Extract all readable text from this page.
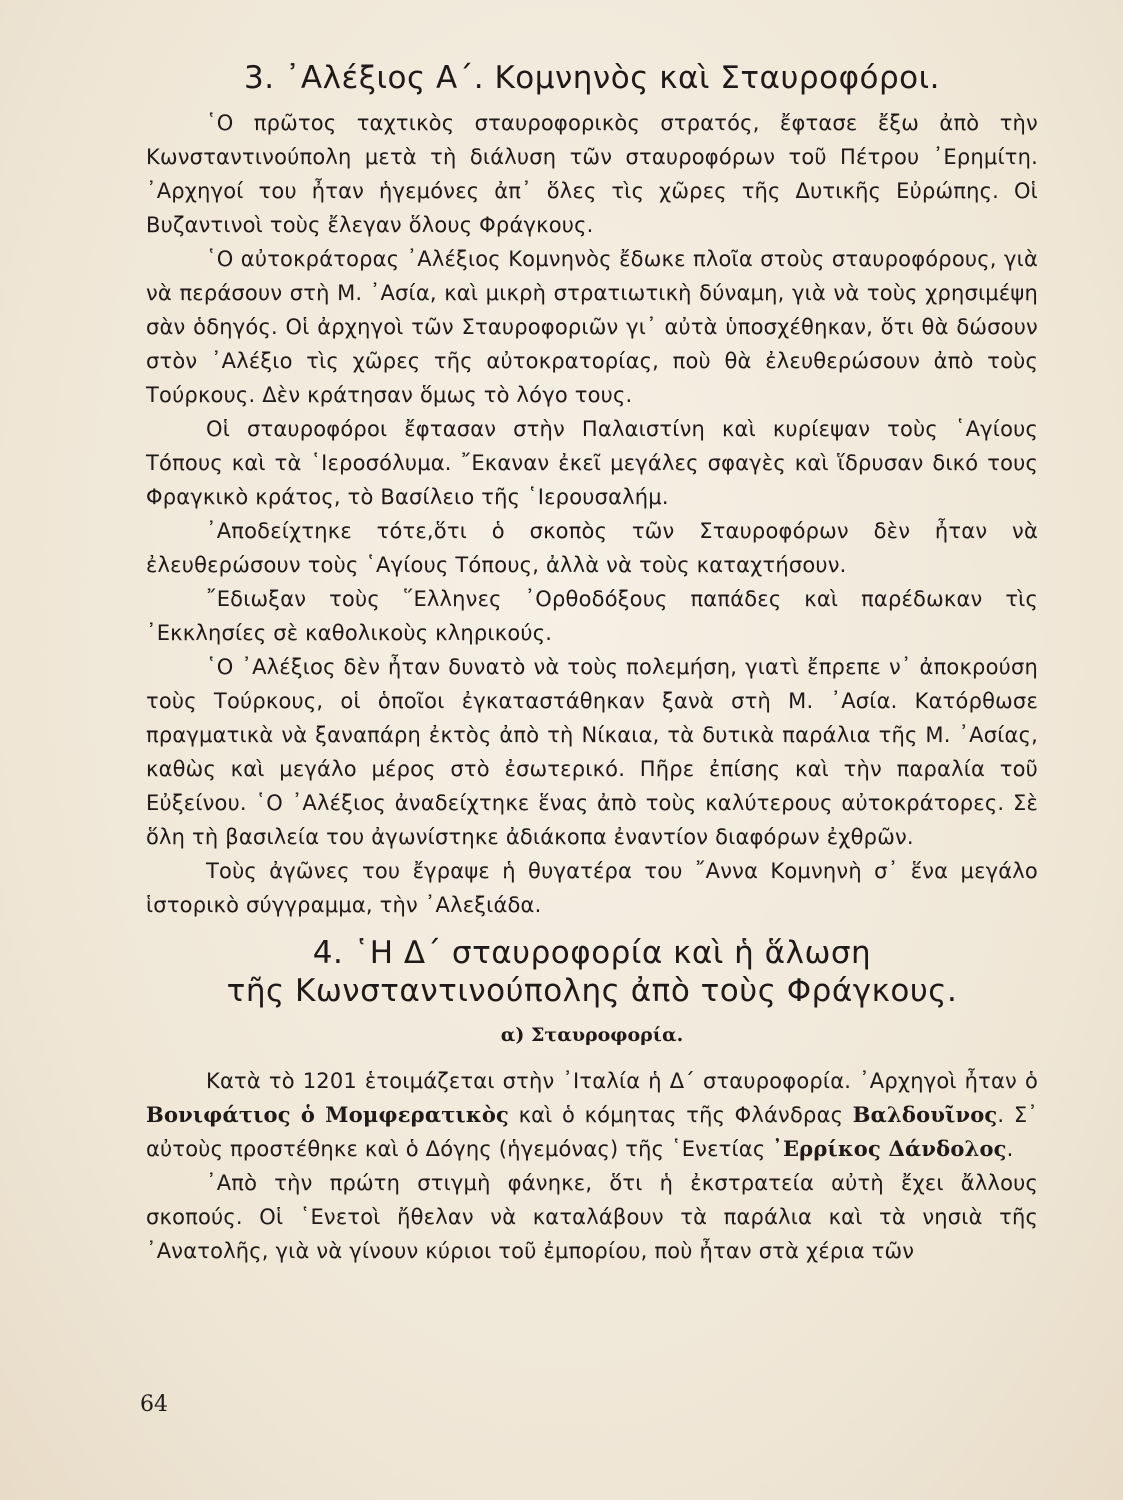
3. ᾽Αλέξιος Α΄. Κομνηνὸς καὶ Σταυροφόροι.

῾Ο πρῶτος ταχτικὸς σταυροφορικὸς στρατός, ἔφτασε ἔξω ἀπὸ τὴν Κωνσταντινούπολη μετὰ τὴ διάλυση τῶν σταυροφόρων τοῦ Πέτρου ᾽Ερημίτη. ᾽Αρχηγοί του ἦταν ἡγεμόνες ἀπ᾽ ὅλες τὶς χῶρες τῆς Δυτικῆς Εὐρώπης. Οἱ Βυζαντινοὶ τοὺς ἔλεγαν ὅλους Φράγκους.

῾Ο αὐτοκράτορας ᾽Αλέξιος Κομνηνὸς ἔδωκε πλοῖα στοὺς σταυροφόρους, γιὰ νὰ περάσουν στὴ Μ. ᾽Ασία, καὶ μικρὴ στρατιωτικὴ δύναμη, γιὰ νὰ τοὺς χρησιμέψη σὰν ὁδηγός. Οἱ ἀρχηγοὶ τῶν Σταυροφοριῶν γι᾽ αὐτὰ ὑποσχέθηκαν, ὅτι θὰ δώσουν στὸν ᾽Αλέξιο τὶς χῶρες τῆς αὐτοκρατορίας, ποὺ θὰ ἐλευθερώσουν ἀπὸ τοὺς Τούρκους. Δὲν κράτησαν ὅμως τὸ λόγο τους.

Οἱ σταυροφόροι ἔφτασαν στὴν Παλαιστίνη καὶ κυρίεψαν τοὺς ῾Αγίους Τόπους καὶ τὰ ῾Ιεροσόλυμα. ῎Εκαναν ἐκεῖ μεγάλες σφαγὲς καὶ ἵδρυσαν δικό τους Φραγκικὸ κράτος, τὸ Βασίλειο τῆς ῾Ιερουσαλήμ.

᾽Αποδείχτηκε τότε,ὅτι ὁ σκοπὸς τῶν Σταυροφόρων δὲν ἦταν νὰ ἐλευθερώσουν τοὺς ῾Αγίους Τόπους, ἀλλὰ νὰ τοὺς καταχτήσουν.

῎Εδιωξαν τοὺς ῞Ελληνες ᾽Ορθοδόξους παπάδες καὶ παρέδωκαν τὶς ᾽Εκκλησίες σὲ καθολικοὺς κληρικούς.

῾Ο ᾽Αλέξιος δὲν ἦταν δυνατὸ νὰ τοὺς πολεμήση, γιατὶ ἔπρεπε ν᾽ ἀποκρούση τοὺς Τούρκους, οἱ ὁποῖοι ἐγκαταστάθηκαν ξανὰ στὴ Μ. ᾽Ασία. Κατόρθωσε πραγματικὰ νὰ ξαναπάρη ἐκτὸς ἀπὸ τὴ Νίκαια, τὰ δυτικὰ παράλια τῆς Μ. ᾽Ασίας, καθὼς καὶ μεγάλο μέρος στὸ ἐσωτερικό. Πῆρε ἐπίσης καὶ τὴν παραλία τοῦ Εὐξείνου. ῾Ο ᾽Αλέξιος ἀναδείχτηκε ἕνας ἀπὸ τοὺς καλύτερους αὐτοκράτορες. Σὲ ὅλη τὴ βασιλεία του ἀγωνίστηκε ἀδιάκοπα ἐναντίον διαφόρων ἐχθρῶν.

Τοὺς ἀγῶνες του ἔγραψε ἡ θυγατέρα του ῎Αννα Κομνηνὴ σ᾽ ἕνα μεγάλο ἱστορικὸ σύγγραμμα, τὴν ᾽Αλεξιάδα.

4. ῾Η Δ΄ σταυροφορία καὶ ἡ ἅλωση
τῆς Κωνσταντινούπολης ἀπὸ τοὺς Φράγκους.
α) Σταυροφορία.

Κατὰ τὸ 1201 ἑτοιμάζεται στὴν ᾽Ιταλία ἡ Δ΄ σταυροφορία. ᾽Αρχηγοὶ ἦταν ὁ Βονιφάτιος ὁ Μομφερατικὸς καὶ ὁ κόμητας τῆς Φλάνδρας Βαλδουῖνος. Σ᾽ αὐτοὺς προστέθηκε καὶ ὁ Δόγης (ἡγεμόνας) τῆς ῾Ενετίας ᾽Ερρίκος Δάνδολος.

᾽Απὸ τὴν πρώτη στιγμὴ φάνηκε, ὅτι ἡ ἐκστρατεία αὐτὴ ἔχει ἄλλους σκοπούς. Οἱ ῾Ενετοὶ ἤθελαν νὰ καταλάβουν τὰ παράλια καὶ τὰ νησιὰ τῆς ᾽Ανατολῆς, γιὰ νὰ γίνουν κύριοι τοῦ ἐμπορίου, ποὺ ἦταν στὰ χέρια τῶν

64
